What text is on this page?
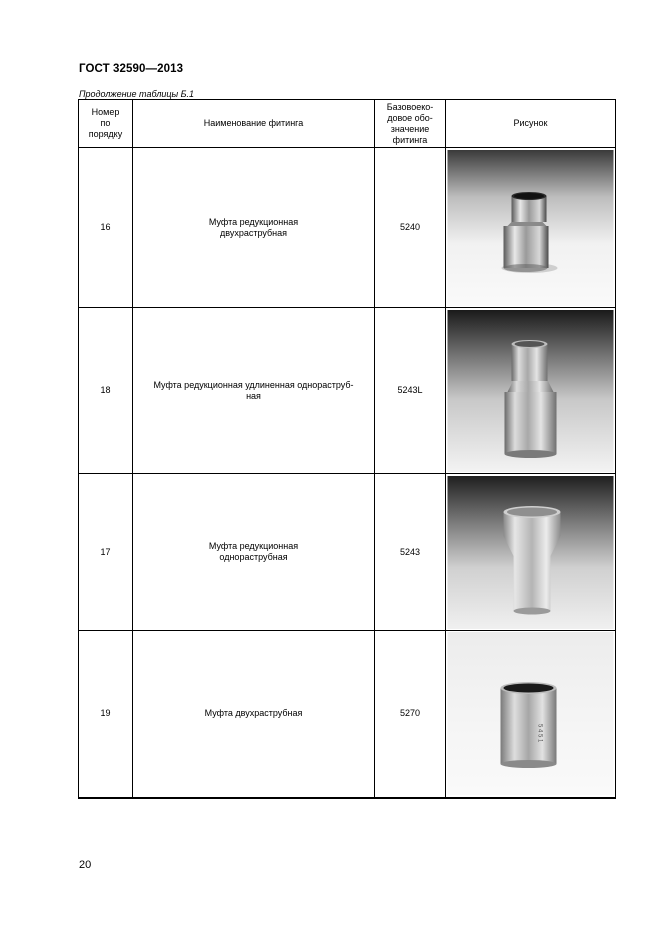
ГОСТ 32590—2013
Продолжение таблицы Б.1
Номер
по
порядку	Наименование фитинга	Базовоеко-
довое обо-
значение
фитинга	Рисунок
16	Муфта редукционная
двухраструбная	5240	

18	Муфта редукционная удлиненная однораструб-
ная	5243L	

17	Муфта редукционная
однораструбная	5243	

19	Муфта двухраструбная	5270	5 4 5 1
20
